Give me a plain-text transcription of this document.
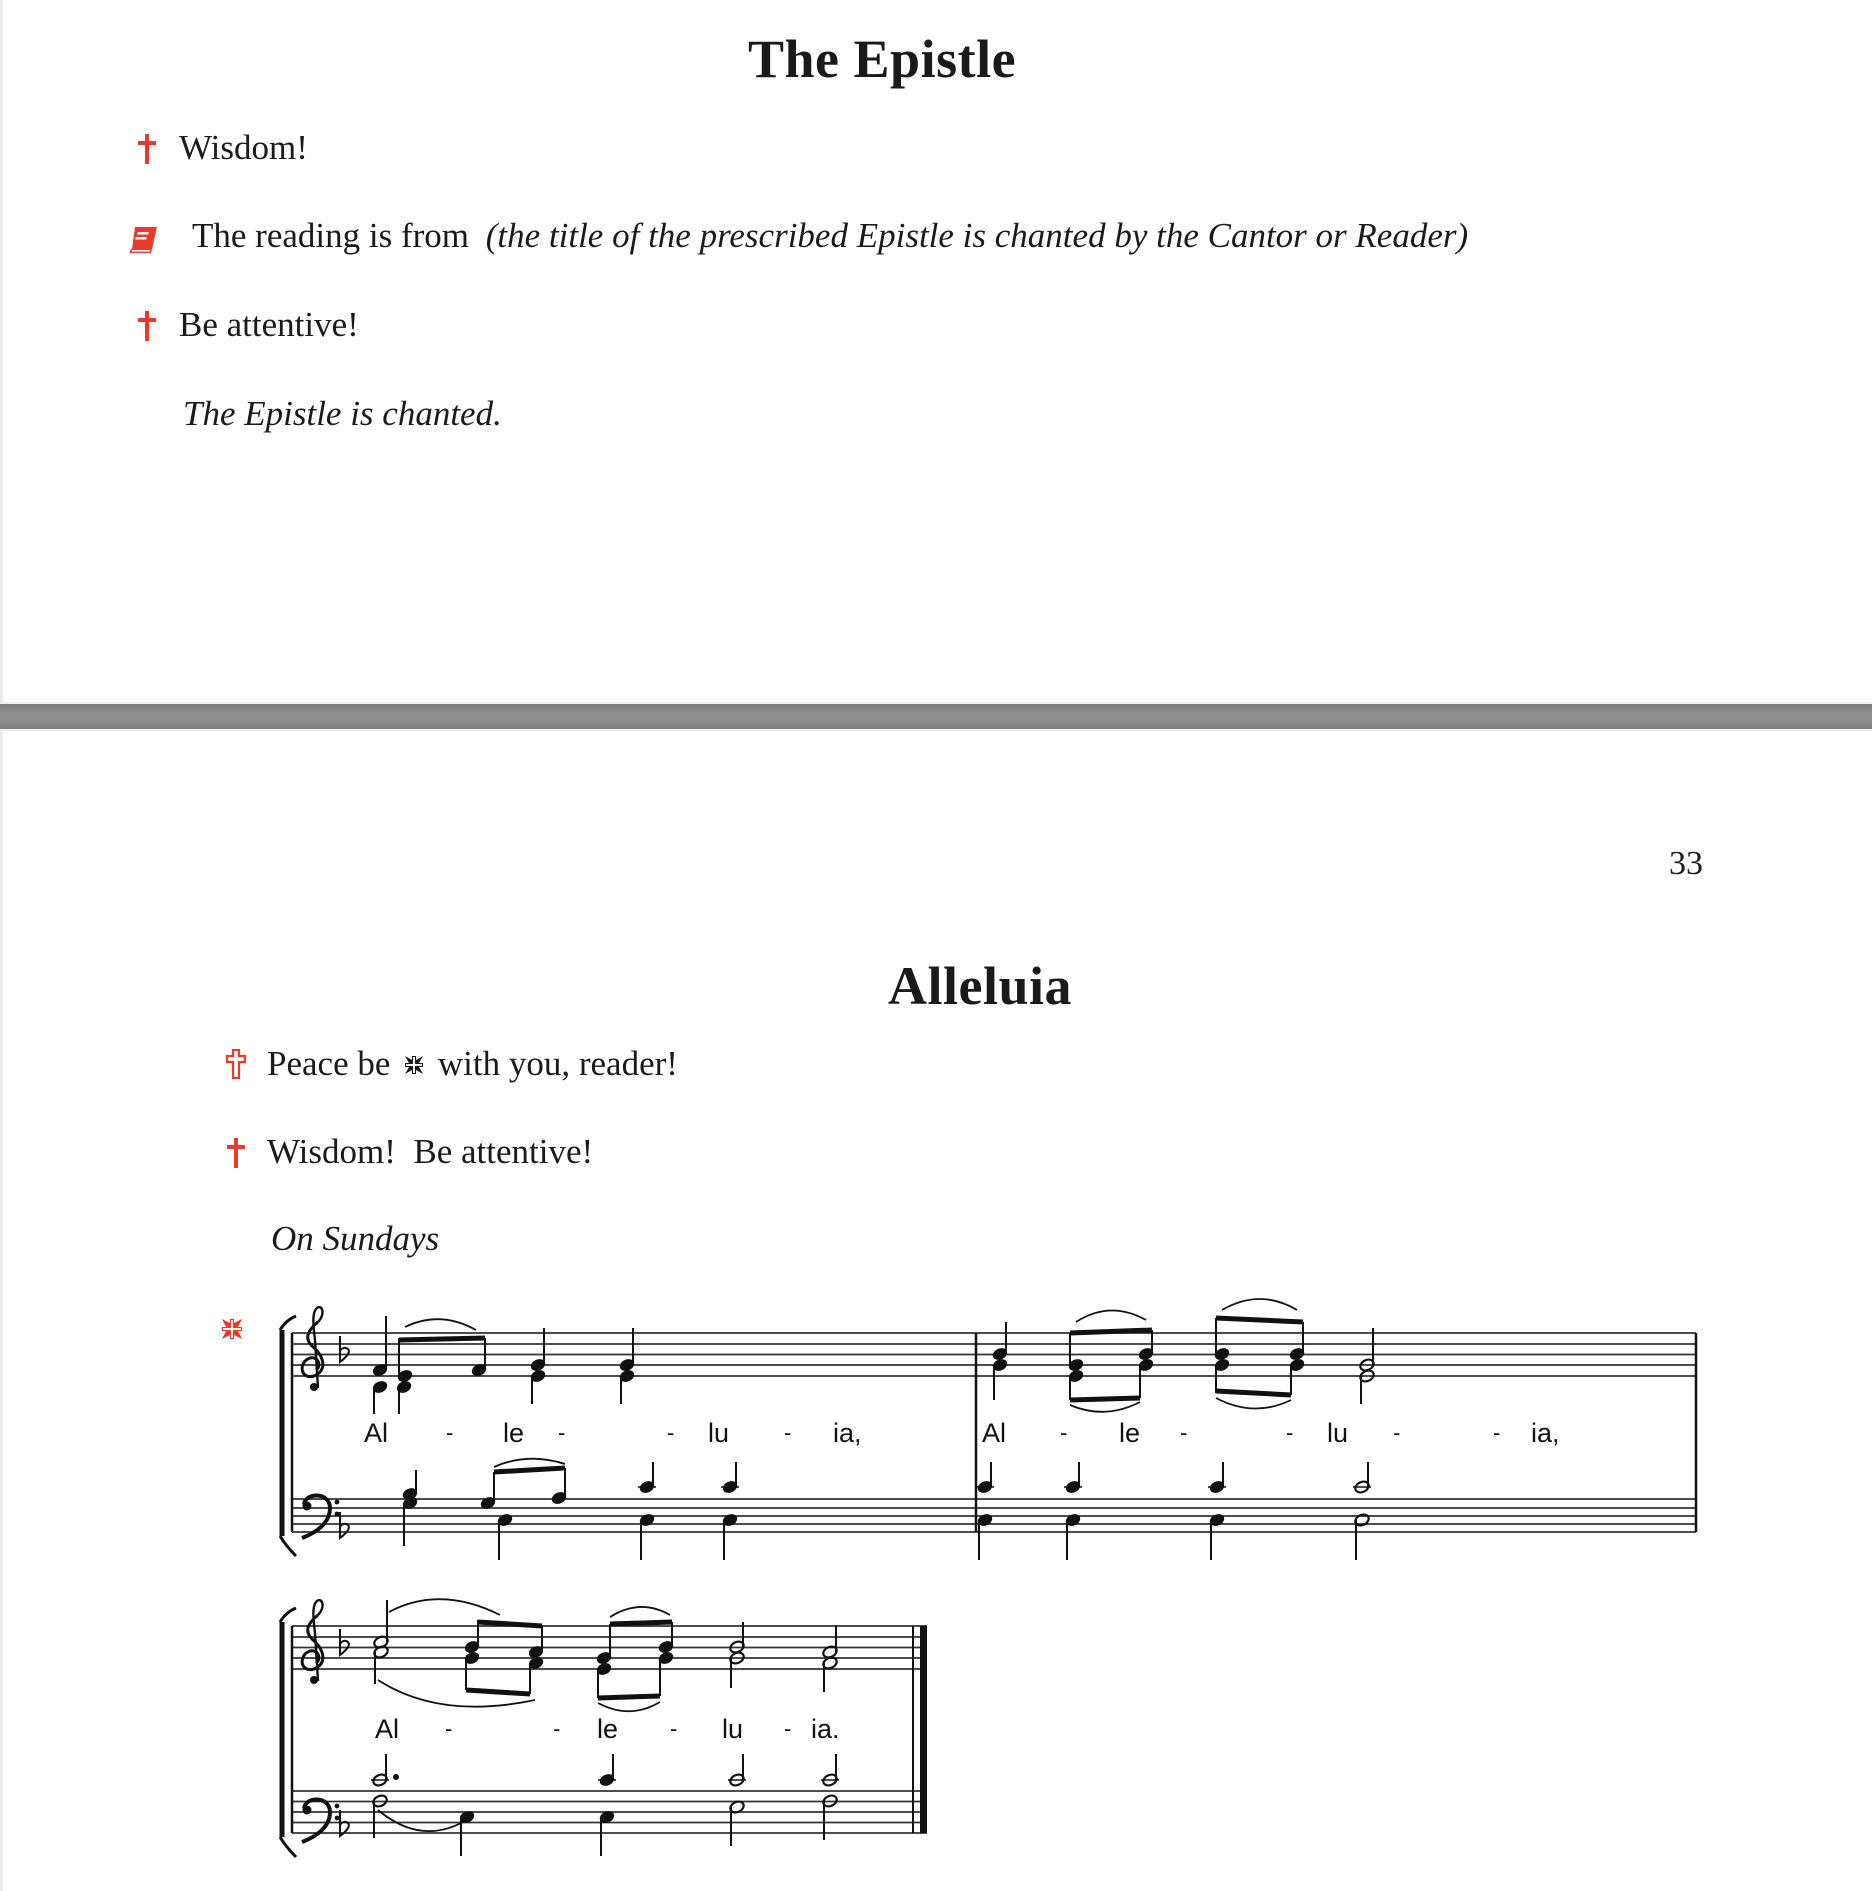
The Epistle
Wisdom!
The reading is from (the title of the prescribed Epistle is chanted by the Cantor or Reader)
Be attentive!
The Epistle is chanted.
33
Alleluia
Peace be with you, reader!
Wisdom!  Be attentive!
On Sundays
Al	- le -	- lu - ia,	Al - le -	- lu -	- ia,
Al -	- le - lu - ia.
